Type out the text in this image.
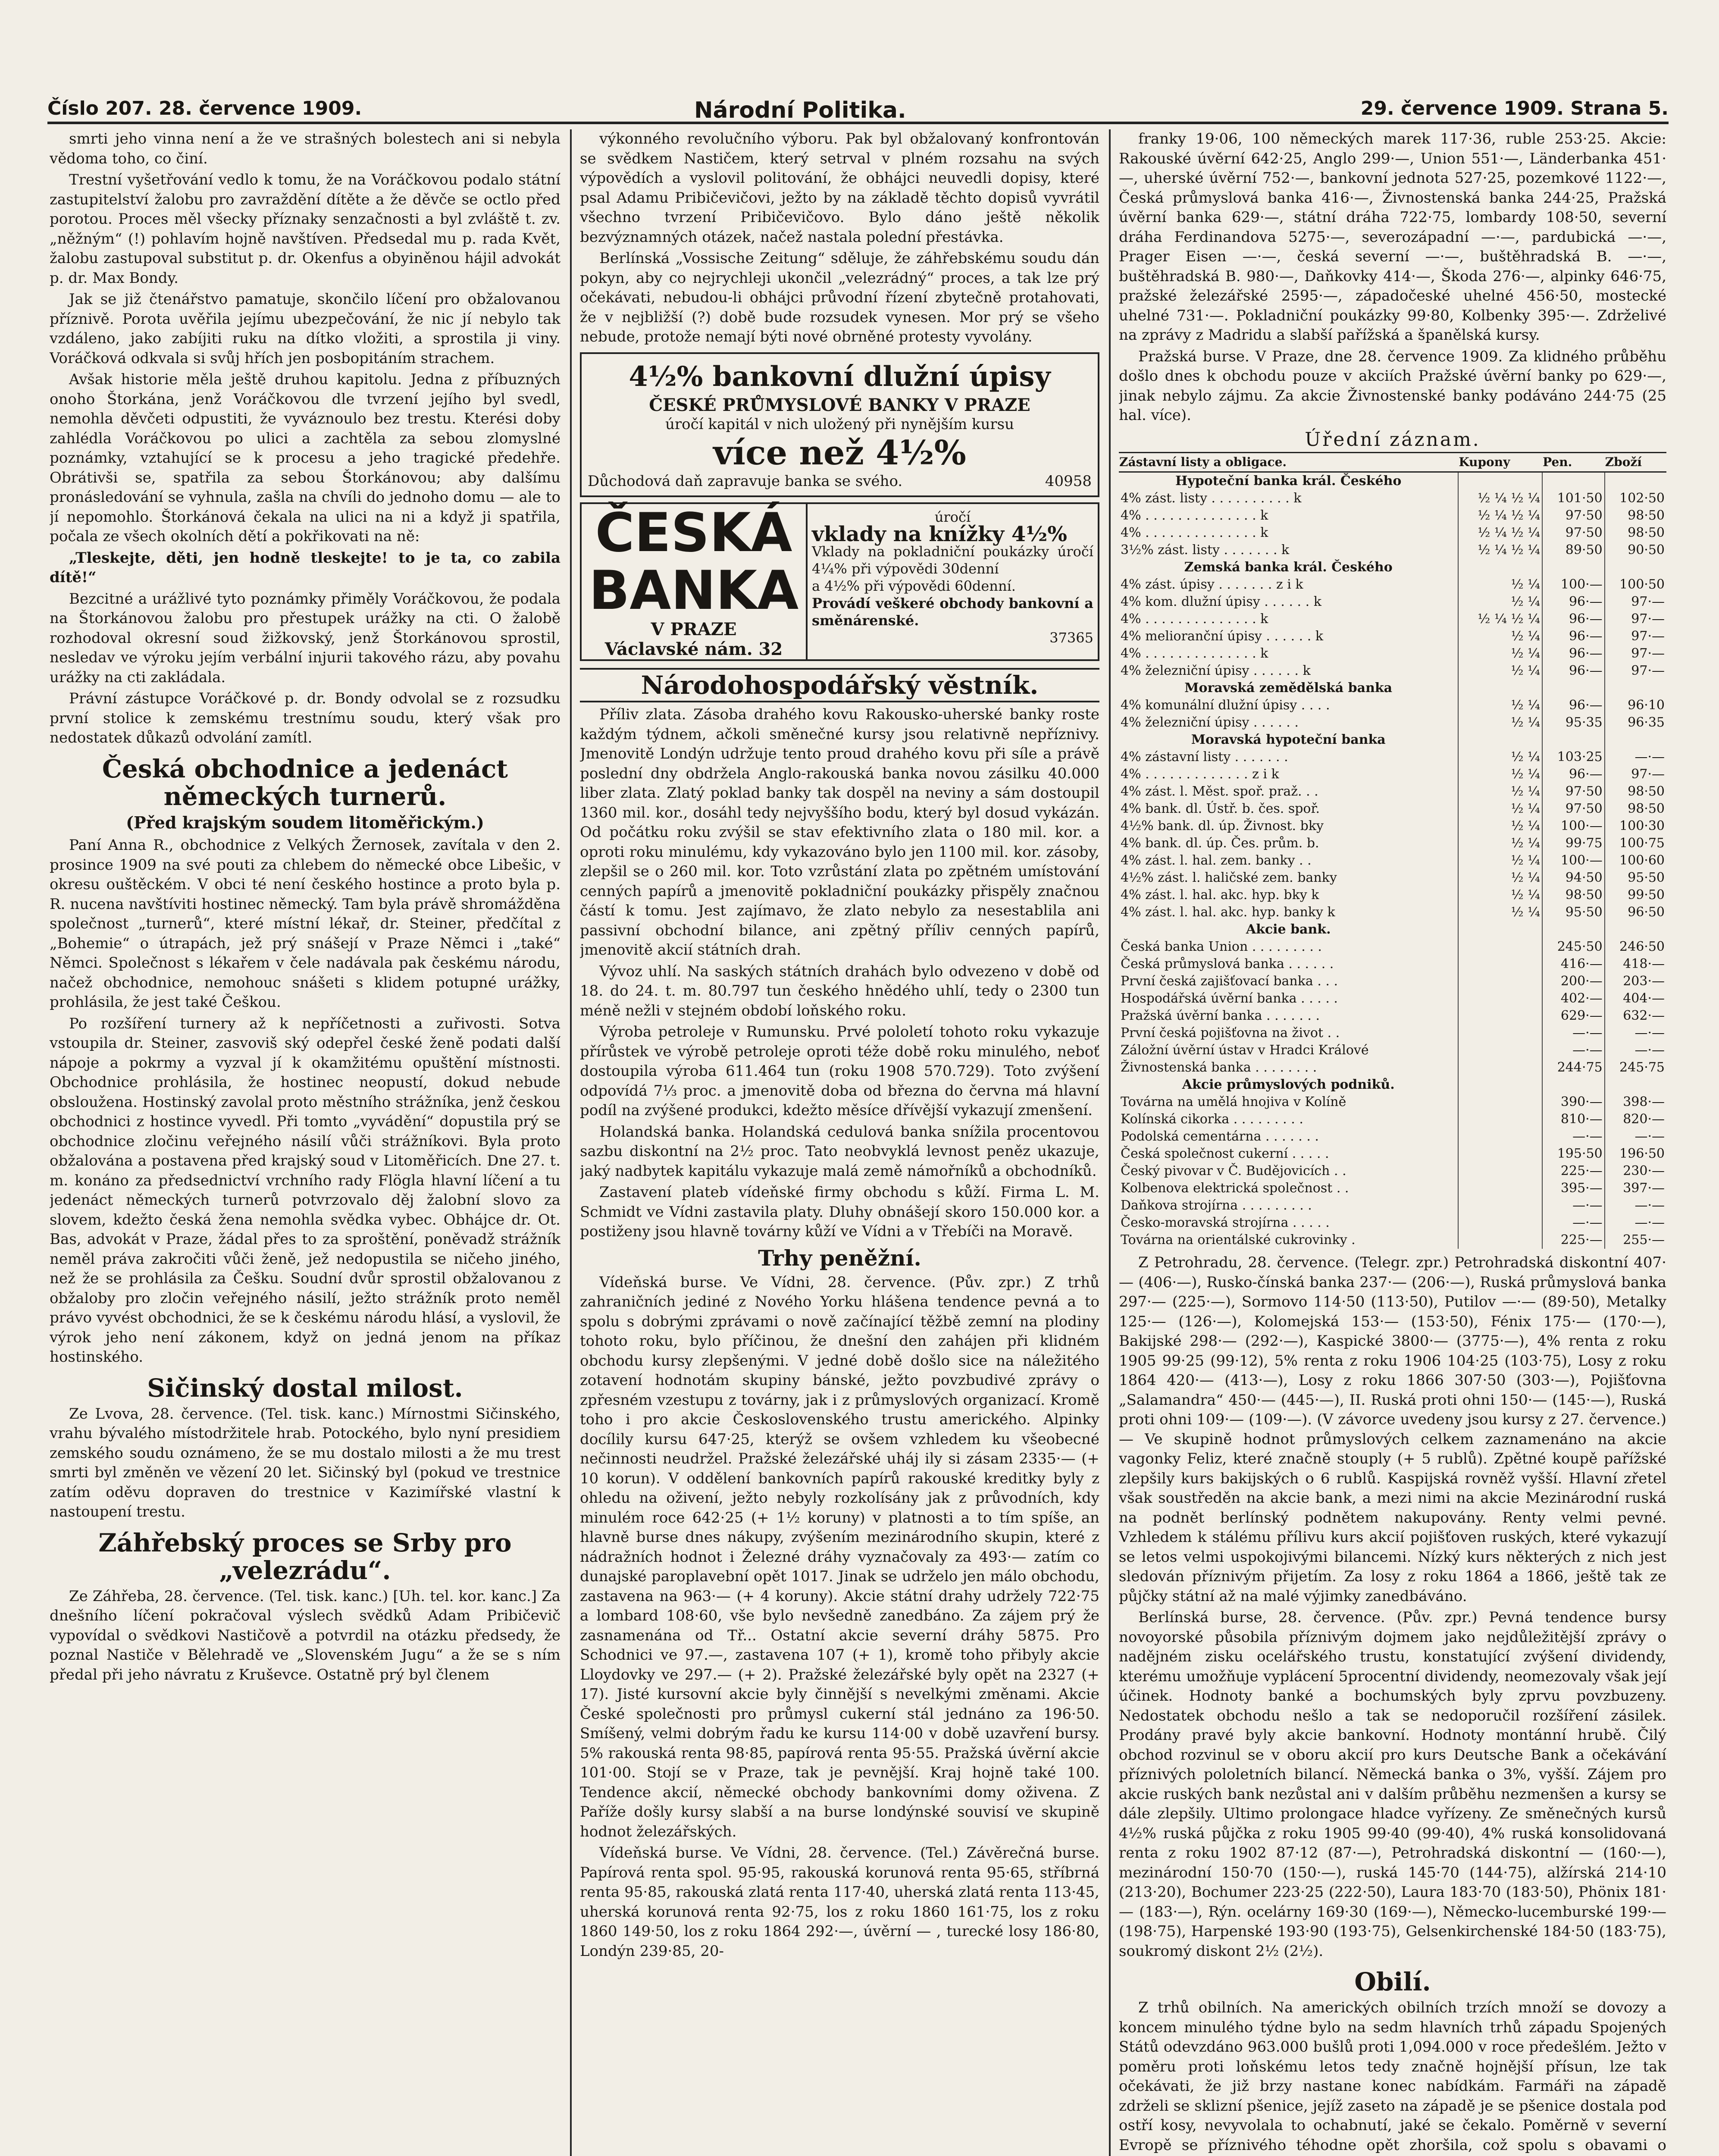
Číslo 207. 28. července 1909.	Národní Politika.	29. července 1909. Strana 5.

smrti jeho vinna není a že ve strašných bolestech ani si nebyla vědoma toho, co činí.

Trestní vyšetřování vedlo k tomu, že na Voráčkovou podalo státní zastupitelství žalobu pro zavraždění dítěte a že děvče se octlo před porotou. Proces měl všecky příznaky senzačnosti a byl zvláště t. zv. „něžným“ (!) pohlavím hojně navštíven. Předsedal mu p. rada Květ, žalobu zastupoval substitut p. dr. Okenfus a obyiněnou hájil advokát p. dr. Max Bondy.

Jak se již čtenářstvo pamatuje, skončilo líčení pro obžalovanou příznivě. Porota uvěřila jejímu ubezpečování, že nic jí nebylo tak vzdáleno, jako zabíjiti ruku na dítko vložiti, a sprostila ji viny. Voráčková odkvala si svůj hřích jen posbopitáním strachem.

Avšak historie měla ještě druhou kapitolu. Jedna z příbuzných onoho Štorkána, jenž Voráčkovou dle tvrzení jejího byl svedl, nemohla děvčeti odpustiti, že vyváznoulo bez trestu. Kterési doby zahlédla Voráčkovou po ulici a zachtěla za sebou zlomyslné poznámky, vztahující se k procesu a jeho tragické předehře. Obrátivši se, spatřila za sebou Štorkánovou; aby dalšímu pronásledování se vyhnula, zašla na chvíli do jednoho domu — ale to jí nepomohlo. Štorkánová čekala na ulici na ni a když ji spatřila, počala ze všech okolních dětí a pokřikovati na ně:

„Tleskejte, děti, jen hodně tleskejte! to je ta, co zabila dítě!“

Bezcitné a urážlivé tyto poznámky přiměly Voráčkovou, že podala na Štorkánovou žalobu pro přestupek urážky na cti. O žalobě rozhodoval okresní soud žižkovský, jenž Štorkánovou sprostil, nesledav ve výroku jejím verbální injurii takového rázu, aby povahu urážky na cti zakládala.

Právní zástupce Voráčkové p. dr. Bondy odvolal se z rozsudku první stolice k zemskému trestnímu soudu, který však pro nedostatek důkazů odvolání zamítl.

Česká obchodnice a jedenáct německých turnerů.

(Před krajským soudem litoměřickým.)

Paní Anna R., obchodnice z Velkých Žernosek, zavítala v den 2. prosince 1909 na své pouti za chlebem do německé obce Libešic, v okresu ouštěckém. V obci té není českého hostince a proto byla p. R. nucena navštíviti hostinec německý. Tam byla právě shromážděna společnost „turnerů“, které místní lékař, dr. Steiner, předčítal z „Bohemie“ o útrapách, jež prý snášejí v Praze Němci i „také“ Němci. Společnost s lékařem v čele nadávala pak českému národu, načež obchodnice, nemohouc snášeti s klidem potupné urážky, prohlásila, že jest také Češkou.

Po rozšíření turnery až k nepříčetnosti a zuřivosti. Sotva vstoupila dr. Steiner, zasvoviš ský odepřel české ženě podati další nápoje a pokrmy a vyzval jí k okamžitému opuštění místnosti. Obchodnice prohlásila, že hostinec neopustí, dokud nebude obsloužena. Hostinský zavolal proto městního strážníka, jenž českou obchodnici z hostince vyvedl. Při tomto „vyvádění“ dopustila prý se obchodnice zločinu veřejného násilí vůči strážníkovi. Byla proto obžalována a postavena před krajský soud v Litoměřicích. Dne 27. t. m. konáno za předsednictví vrchního rady Flögla hlavní líčení a tu jedenáct německých turnerů potvrzovalo děj žalobní slovo za slovem, kdežto česká žena nemohla svědka vybec. Obhájce dr. Ot. Bas, advokát v Praze, žádal přes to za sproštění, poněvadž strážník neměl práva zakročiti vůči ženě, jež nedopustila se ničeho jiného, než že se prohlásila za Češku. Soudní dvůr sprostil obžalovanou z obžaloby pro zločin veřejného násilí, ježto strážník proto neměl právo vyvést obchodnici, že se k českému národu hlásí, a vyslovil, že výrok jeho není zákonem, když on jedná jenom na příkaz hostinského.

Sičinský dostal milost.

Ze Lvova, 28. července. (Tel. tisk. kanc.) Mírnostmi Sičinského, vrahu bývalého místodržitele hrab. Potockého, bylo nyní presidiem zemského soudu oznámeno, že se mu dostalo milosti a že mu trest smrti byl změněn ve vězení 20 let. Sičinský byl (pokud ve trestnice zatím oděvu dopraven do trestnice v Kazimířské vlastní k nastoupení trestu.

Záhřebský proces se Srby pro „velezrádu“.

Ze Záhřeba, 28. července. (Tel. tisk. kanc.) [Uh. tel. kor. kanc.] Za dnešního líčení pokračoval výslech svědků Adam Pribičevič vypovídal o svědkovi Nastičově a potvrdil na otázku předsedy, že poznal Nastiče v Bělehradě ve „Slovenském Jugu“ a že se s ním předal při jeho návratu z Kruševce. Ostatně prý byl členem

výkonného revolučního výboru. Pak byl obžalovaný konfrontován se svědkem Nastičem, který setrval v plném rozsahu na svých výpovědích a vyslovil politování, že obhájci neuvedli dopisy, které psal Adamu Pribičevičovi, ježto by na základě těchto dopisů vyvrátil všechno tvrzení Pribičevičovo. Bylo dáno ještě několik bezvýznamných otázek, načež nastala polední přestávka.

Berlínská „Vossische Zeitung“ sděluje, že záhřebskému soudu dán pokyn, aby co nejrychleji ukončil „velezrádný“ proces, a tak lze prý očekávati, nebudou-li obhájci průvodní řízení zbytečně protahovati, že v nejbližší (?) době bude rozsudek vynesen. Mor prý se všeho nebude, protože nemají býti nové obrněné protesty vyvolány.

4½% bankovní dlužní úpisy
ČESKÉ PRŮMYSLOVÉ BANKY V PRAZE
úročí kapitál v nich uložený při nynějším kursu
více než 4½%
Důchodová daň zapravuje banka se svého.	40958
ČESKÁ
BANKA
V PRAZE
Václavské nám. 32
úročí
vklady na knížky 4½%
Vklady na pokladniční poukázky úročí 4¼% při výpovědi 30denní
a 4½% při výpovědi 60denní.
Provádí veškeré obchody bankovní a směnárenské.
37365
Národohospodářský věstník.

Příliv zlata. Zásoba drahého kovu Rakousko-uherské banky roste každým týdnem, ačkoli směnečné kursy jsou relativně nepříznivy. Jmenovitě Londýn udržuje tento proud drahého kovu při síle a právě poslední dny obdržela Anglo-rakouská banka novou zásilku 40.000 liber zlata. Zlatý poklad banky tak dospěl na neviny a sám dostoupil 1360 mil. kor., dosáhl tedy nejvyššího bodu, který byl dosud vykázán. Od počátku roku zvýšil se stav efektivního zlata o 180 mil. kor. a oproti roku minulému, kdy vykazováno bylo jen 1100 mil. kor. zásoby, zlepšil se o 260 mil. kor. Toto vzrůstání zlata po zpětném umístování cenných papírů a jmenovitě pokladniční poukázky přispěly značnou částí k tomu. Jest zajímavo, že zlato nebylo za nesestablila ani passivní obchodní bilance, ani zpětný příliv cenných papírů, jmenovitě akcií státních drah.

Vývoz uhlí. Na saských státních drahách bylo odvezeno v době od 18. do 24. t. m. 80.797 tun českého hnědého uhlí, tedy o 2300 tun méně nežli v stejném období loňského roku.

Výroba petroleje v Rumunsku. Prvé pololetí tohoto roku vykazuje přírůstek ve výrobě petroleje oproti téže době roku minulého, neboť dostoupila výroba 611.464 tun (roku 1908 570.729). Toto zvýšení odpovídá 7⅓ proc. a jmenovitě doba od března do června má hlavní podíl na zvýšené produkci, kdežto měsíce dřívější vykazují zmenšení.

Holandská banka. Holandská cedulová banka snížila procentovou sazbu diskontní na 2½ proc. Tato neobvyklá levnost peněz ukazuje, jaký nadbytek kapitálu vykazuje malá země námořníků a obchodníků.

Zastavení plateb vídeňské firmy obchodu s kůží. Firma L. M. Schmidt ve Vídni zastavila platy. Dluhy obnášejí skoro 150.000 kor. a postiženy jsou hlavně továrny kůží ve Vídni a v Třebíči na Moravě.

Trhy peněžní.

Vídeňská burse. Ve Vídni, 28. července. (Pův. zpr.) Z trhů zahraničních jediné z Nového Yorku hlášena tendence pevná a to spolu s dobrými zprávami o nově začínající těžbě zemní na plodiny tohoto roku, bylo příčinou, že dnešní den zahájen při klidném obchodu kursy zlepšenými. V jedné době došlo sice na náležitého zotavení hodnotám skupiny bánské, ježto povzbudivé zprávy o zpřesném vzestupu z továrny, jak i z průmyslových organizací. Kromě toho i pro akcie Československého trustu amerického. Alpinky docílily kursu 647·25, kterýž se ovšem vzhledem ku všeobecné nečinnosti neudržel. Pražské železářské uháj ily si zásam 2335·— (+ 10 korun). V oddělení bankovních papírů rakouské kreditky byly z ohledu na oživení, ježto nebyly rozkolísány jak z průvodních, kdy minulém roce 642·25 (+ 1½ koruny) v platnosti a to tím spíše, an hlavně burse dnes nákupy, zvýšením mezinárodního skupin, které z nádražních hodnot i Železné dráhy vyznačovaly za 493·— zatím co dunajské paroplavební opět 1017. Jinak se udrželo jen málo obchodu, zastavena na 963·— (+ 4 koruny). Akcie státní drahy udržely 722·75 a lombard 108·60, vše bylo nevšedně zanedbáno. Za zájem prý že zasnamenána od Tř... Ostatní akcie severní dráhy 5875. Pro Schodnici ve 97.—, zastavena 107 (+ 1), kromě toho přibyly akcie Lloydovky ve 297.— (+ 2). Pražské železářské byly opět na 2327 (+ 17). Jisté kursovní akcie byly činnější s nevelkými změnami. Akcie České společnosti pro průmysl cukerní stál jednáno za 196·50. Smíšený, velmi dobrým řadu ke kursu 114·00 v době uzavření bursy. 5% rakouská renta 98·85, papírová renta 95·55. Pražská úvěrní akcie 101·00. Stojí se v Praze, tak je pevnější. Kraj hojně také 100. Tendence akcií, německé obchody bankovními domy oživena. Z Paříže došly kursy slabší a na burse londýnské souvisí ve skupině hodnot železářských.

Vídeňská burse. Ve Vídni, 28. července. (Tel.) Závěrečná burse. Papírová renta spol. 95·95, rakouská korunová renta 95·65, stříbrná renta 95·85, rakouská zlatá renta 117·40, uherská zlatá renta 113·45, uherská korunová renta 92·75, los z roku 1860 161·75, los z roku 1860 149·50, los z roku 1864 292·—, úvěrní — , turecké losy 186·80, Londýn 239·85, 20-

franky 19·06, 100 německých marek 117·36, ruble 253·25. Akcie: Rakouské úvěrní 642·25, Anglo 299·—, Union 551·—, Länderbanka 451·—, uherské úvěrní 752·—, bankovní jednota 527·25, pozemkové 1122·—, Česká průmyslová banka 416·—, Živnostenská banka 244·25, Pražská úvěrní banka 629·—, státní dráha 722·75, lombardy 108·50, severní dráha Ferdinandova 5275·—, severozápadní —·—, pardubická —·—, Prager Eisen —·—, česká severní —·—, buštěhradská B. —·—, buštěhradská B. 980·—, Daňkovky 414·—, Škoda 276·—, alpinky 646·75, pražské železářské 2595·—, západočeské uhelné 456·50, mostecké uhelné 731·—. Pokladniční poukázky 99·80, Kolbenky 395·—. Zdrželivé na zprávy z Madridu a slabší pařížská a španělská kursy.

Pražská burse. V Praze, dne 28. července 1909. Za klidného průběhu došlo dnes k obchodu pouze v akciích Pražské úvěrní banky po 629·—, jinak nebylo zájmu. Za akcie Živnostenské banky podáváno 244·75 (25 hal. více).

Úřední záznam.

Zástavní listy a obligace.	Kupony	Pen.	Zboží
Hypoteční banka král. Českého			
4% zást. listy . . . . . . . . . . k	½ ¼ ½ ¼	101·50	102·50
4% . . . . . . . . . . . . . . k	½ ¼ ½ ¼	97·50	98·50
4% . . . . . . . . . . . . . . k	½ ¼ ½ ¼	97·50	98·50
3½% zást. listy . . . . . . . k	½ ¼ ½ ¼	89·50	90·50
Zemská banka král. Českého			
4% zást. úpisy . . . . . . . z i k	½ ¼	100·—	100·50
4% kom. dlužní úpisy . . . . . . k	½ ¼	96·—	97·—
4% . . . . . . . . . . . . . . k	½ ¼ ½ ¼	96·—	97·—
4% melioranční úpisy . . . . . . k	½ ¼	96·—	97·—
4% . . . . . . . . . . . . . . k	½ ¼	96·—	97·—
4% železniční úpisy . . . . . . k	½ ¼	96·—	97·—
Moravská zemědělská banka			
4% komunální dlužní úpisy . . . .	½ ¼	96·—	96·10
4% železniční úpisy . . . . . .	½ ¼	95·35	96·35
Moravská hypoteční banka			
4% zástavní listy . . . . . . .	½ ¼	103·25	—·—
4% . . . . . . . . . . . . . z i k	½ ¼	96·—	97·—
4% zást. l. Měst. spoř. praž. . .	½ ¼	97·50	98·50
4% bank. dl. Ústř. b. čes. spoř.	½ ¼	97·50	98·50
4½% bank. dl. úp. Živnost. bky	½ ¼	100·—	100·30
4% bank. dl. úp. Čes. prům. b.	½ ¼	99·75	100·75
4% zást. l. hal. zem. banky . .	½ ¼	100·—	100·60
4½% zást. l. haličské zem. banky	½ ¼	94·50	95·50
4% zást. l. hal. akc. hyp. bky k	½ ¼	98·50	99·50
4% zást. l. hal. akc. hyp. banky k	½ ¼	95·50	96·50
Akcie bank.			
Česká banka Union . . . . . . . . .		245·50	246·50
Česká průmyslová banka . . . . . .		416·—	418·—
První česká zajišťovací banka . . .		200·—	203·—
Hospodářská úvěrní banka . . . . .		402·—	404·—
Pražská úvěrní banka . . . . . . .		629·—	632·—
První česká pojišťovna na život . .		—·—	—·—
Záložní úvěrní ústav v Hradci Králové		—·—	—·—
Živnostenská banka . . . . . . . .		244·75	245·75
Akcie průmyslových podniků.			
Továrna na umělá hnojiva v Kolíně		390·—	398·—
Kolínská cikorka . . . . . . . . .		810·—	820·—
Podolská cementárna . . . . . . .		—·—	—·—
Česká společnost cukerní . . . . .		195·50	196·50
Český pivovar v Č. Budějovicích . .		225·—	230·—
Kolbenova elektrická společnost . .		395·—	397·—
Daňkova strojírna . . . . . . . . .		—·—	—·—
Česko-moravská strojírna . . . . .		—·—	—·—
Továrna na orientálské cukrovinky .		225·—	255·—

Z Petrohradu, 28. července. (Telegr. zpr.) Petrohradská diskontní 407·— (406·—), Rusko-čínská banka 237·— (206·—), Ruská průmyslová banka 297·— (225·—), Sormovo 114·50 (113·50), Putilov —·— (89·50), Metalky 125·— (126·—), Kolomejská 153·— (153·50), Fénix 175·— (170·—), Bakijské 298·— (292·—), Kaspické 3800·— (3775·—), 4% renta z roku 1905 99·25 (99·12), 5% renta z roku 1906 104·25 (103·75), Losy z roku 1864 420·— (413·—), Losy z roku 1866 307·50 (303·—), Pojišťovna „Salamandra“ 450·— (445·—), II. Ruská proti ohni 150·— (145·—), Ruská proti ohni 109·— (109·—). (V závorce uvedeny jsou kursy z 27. července.) — Ve skupině hodnot průmyslových celkem zaznamenáno na akcie vagonky Feliz, které značně stouply (+ 5 rublů). Zpětné koupě pařížské zlepšily kurs bakijských o 6 rublů. Kaspijská rovněž vyšší. Hlavní zřetel však soustředěn na akcie bank, a mezi nimi na akcie Mezinárodní ruská na podnět berlínský podnětem nakupovány. Renty velmi pevné. Vzhledem k stálému přílivu kurs akcií pojišťoven ruských, které vykazují se letos velmi uspokojivými bilancemi. Nízký kurs některých z nich jest sledován příznivým přijetím. Za losy z roku 1864 a 1866, ještě tak ze půjčky státní až na malé výjimky zanedbáváno.

Berlínská burse, 28. července. (Pův. zpr.) Pevná tendence bursy novoyorské působila příznivým dojmem jako nejdůležitější zprávy o nadějném zisku ocelářského trustu, konstatující zvýšení dividendy, kterému umožňuje vyplácení 5procentní dividendy, neomezovaly však její účinek. Hodnoty banké a bochumských byly zprvu povzbuzeny. Nedostatek obchodu nešlo a tak se nedoporučil rozšíření zásilek. Prodány pravé byly akcie bankovní. Hodnoty montánní hrubě. Čilý obchod rozvinul se v oboru akcií pro kurs Deutsche Bank a očekávání příznivých pololetních bilancí. Německá banka o 3%, vyšší. Zájem pro akcie ruských bank nezůstal ani v dalším průběhu nezmenšen a kursy se dále zlepšily. Ultimo prolongace hladce vyřízeny. Ze směnečných kursů 4½% ruská půjčka z roku 1905 99·40 (99·40), 4% ruská konsolidovaná renta z roku 1902 87·12 (87·—), Petrohradská diskontní — (160·—), mezinárodní 150·70 (150·—), ruská 145·70 (144·75), alžírská 214·10 (213·20), Bochumer 223·25 (222·50), Laura 183·70 (183·50), Phönix 181·— (183·—), Rýn. ocelárny 169·30 (169·—), Německo-lucemburské 199·— (198·75), Harpenské 193·90 (193·75), Gelsenkirchenské 184·50 (183·75), soukromý diskont 2½ (2½).

Obilí.

Z trhů obilních. Na amerických obilních trzích množí se dovozy a koncem minulého týdne bylo na sedm hlavních trhů západu Spojených Států odevzdáno 963.000 bušlů proti 1,094.000 v roce předešlém. Ježto v poměru proti loňskému letos tedy značně hojnější přísun, lze tak očekávati, že již brzy nastane konec nabídkám. Farmáři na západě zdrželi se sklizní pšenice, jejíž zaseto na západě je se pšenice dostala pod ostří kosy, nevyvolala to ochabnutí, jaké se čekalo. Poměrně v severní Evropě se příznivého téhodne opět zhoršila, což spolu s obavami o
